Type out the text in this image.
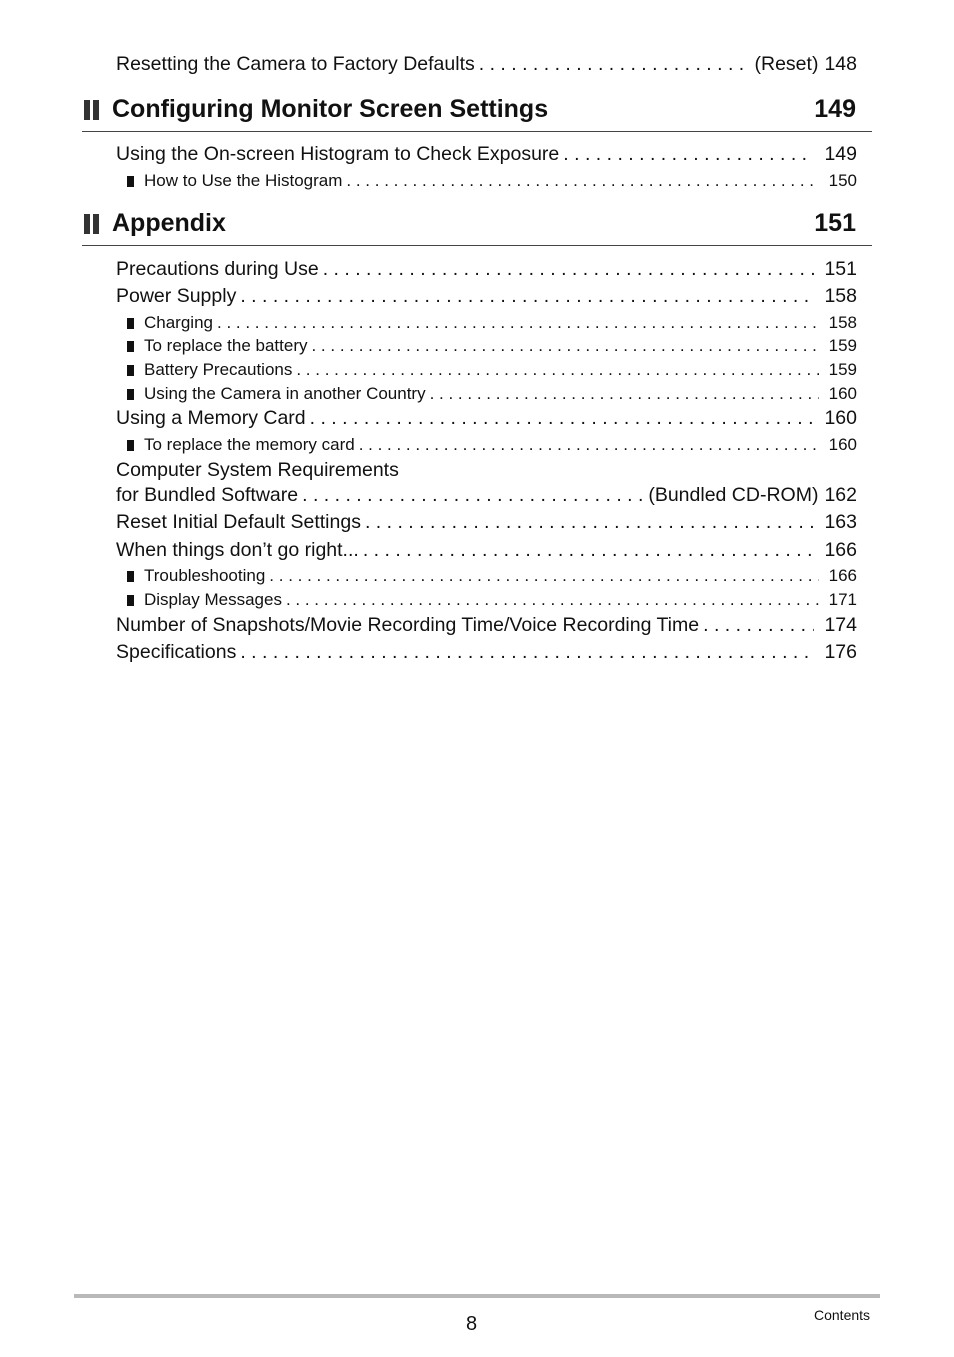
Resetting the Camera to Factory Defaults . . .	(Reset) 148
Configuring Monitor Screen Settings	149
Using the On-screen Histogram to Check Exposure . . .	149
How to Use the Histogram . . .	150
Appendix	151
Precautions during Use . . .	151
Power Supply . . .	158
Charging . . .	158
To replace the battery . . .	159
Battery Precautions . . .	159
Using the Camera in another Country . . .	160
Using a Memory Card . . .	160
To replace the memory card . . .	160
Computer System Requirements
for Bundled Software . . .	(Bundled CD-ROM) 162
Reset Initial Default Settings . . .	163
When things don’t go right... . . .	166
Troubleshooting . . .	166
Display Messages . . .	171
Number of Snapshots/Movie Recording Time/Voice Recording Time . . .	174
Specifications . . .	176
8	Contents
